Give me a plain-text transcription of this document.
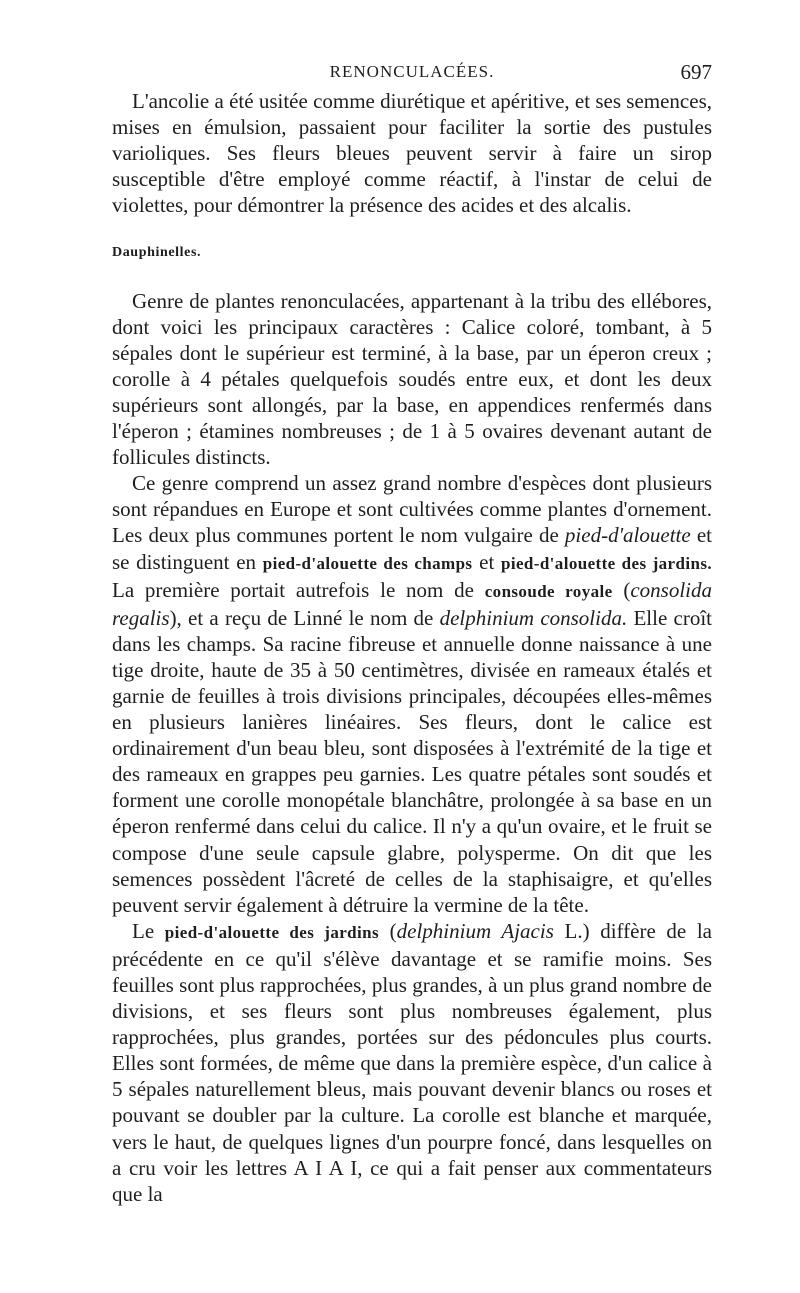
RENONCULACÉES.	697

L'ancolie a été usitée comme diurétique et apéritive, et ses semences, mises en émulsion, passaient pour faciliter la sortie des pustules varioliques. Ses fleurs bleues peuvent servir à faire un sirop susceptible d'être employé comme réactif, à l'instar de celui de violettes, pour démontrer la présence des acides et des alcalis.

Dauphinelles.

Genre de plantes renonculacées, appartenant à la tribu des ellébores, dont voici les principaux caractères : Calice coloré, tombant, à 5 sépales dont le supérieur est terminé, à la base, par un éperon creux ; corolle à 4 pétales quelquefois soudés entre eux, et dont les deux supérieurs sont allongés, par la base, en appendices renfermés dans l'éperon ; étamines nombreuses ; de 1 à 5 ovaires devenant autant de follicules distincts.

Ce genre comprend un assez grand nombre d'espèces dont plusieurs sont répandues en Europe et sont cultivées comme plantes d'ornement. Les deux plus communes portent le nom vulgaire de pied-d'alouette et se distinguent en pied-d'alouette des champs et pied-d'alouette des jardins. La première portait autrefois le nom de consoude royale (consolida regalis), et a reçu de Linné le nom de delphinium consolida. Elle croît dans les champs. Sa racine fibreuse et annuelle donne naissance à une tige droite, haute de 35 à 50 centimètres, divisée en rameaux étalés et garnie de feuilles à trois divisions principales, découpées elles-mêmes en plusieurs lanières linéaires. Ses fleurs, dont le calice est ordinairement d'un beau bleu, sont disposées à l'extrémité de la tige et des rameaux en grappes peu garnies. Les quatre pétales sont soudés et forment une corolle monopétale blanchâtre, prolongée à sa base en un éperon renfermé dans celui du calice. Il n'y a qu'un ovaire, et le fruit se compose d'une seule capsule glabre, polysperme. On dit que les semences possèdent l'âcreté de celles de la staphisaigre, et qu'elles peuvent servir également à détruire la vermine de la tête.

Le pied-d'alouette des jardins (delphinium Ajacis L.) diffère de la précédente en ce qu'il s'élève davantage et se ramifie moins. Ses feuilles sont plus rapprochées, plus grandes, à un plus grand nombre de divisions, et ses fleurs sont plus nombreuses également, plus rapprochées, plus grandes, portées sur des pédoncules plus courts. Elles sont formées, de même que dans la première espèce, d'un calice à 5 sépales naturellement bleus, mais pouvant devenir blancs ou roses et pouvant se doubler par la culture. La corolle est blanche et marquée, vers le haut, de quelques lignes d'un pourpre foncé, dans lesquelles on a cru voir les lettres A I A I, ce qui a fait penser aux commentateurs que la
